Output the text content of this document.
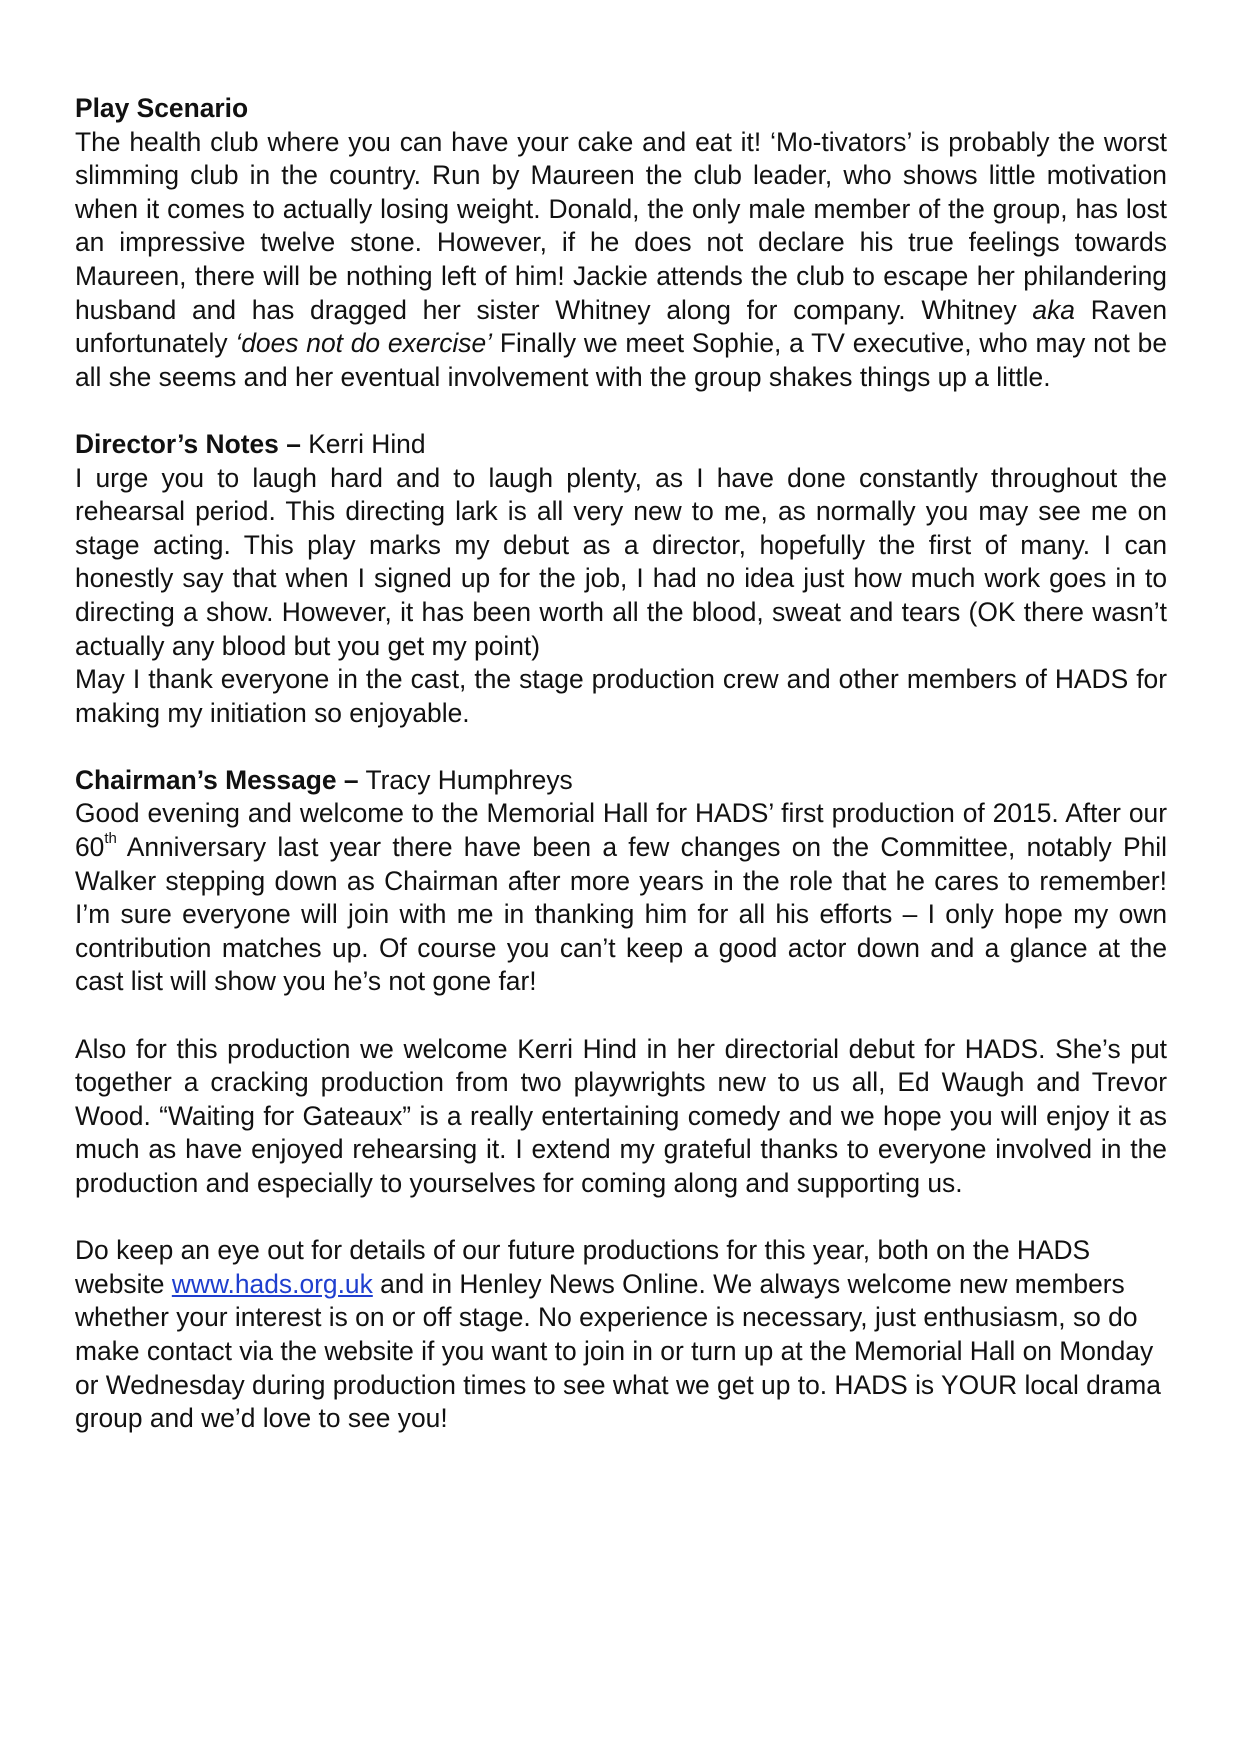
Play Scenario

The health club where you can have your cake and eat it! ‘Mo-tivators’ is probably the worst slimming club in the country. Run by Maureen the club leader, who shows little motivation when it comes to actually losing weight. Donald, the only male member of the group, has lost an impressive twelve stone. However, if he does not declare his true feelings towards Maureen, there will be nothing left of him! Jackie attends the club to escape her philandering husband and has dragged her sister Whitney along for company. Whitney aka Raven unfortunately ‘does not do exercise’ Finally we meet Sophie, a TV executive, who may not be all she seems and her eventual involvement with the group shakes things up a little.

Director’s Notes – Kerri Hind

I urge you to laugh hard and to laugh plenty, as I have done constantly throughout the rehearsal period. This directing lark is all very new to me, as normally you may see me on stage acting. This play marks my debut as a director, hopefully the first of many. I can honestly say that when I signed up for the job, I had no idea just how much work goes in to directing a show. However, it has been worth all the blood, sweat and tears (OK there wasn’t actually any blood but you get my point)

May I thank everyone in the cast, the stage production crew and other members of HADS for making my initiation so enjoyable.

Chairman’s Message – Tracy Humphreys

Good evening and welcome to the Memorial Hall for HADS’ first production of 2015. After our 60th Anniversary last year there have been a few changes on the Committee, notably Phil Walker stepping down as Chairman after more years in the role that he cares to remember! I’m sure everyone will join with me in thanking him for all his efforts – I only hope my own contribution matches up. Of course you can’t keep a good actor down and a glance at the cast list will show you he’s not gone far!

Also for this production we welcome Kerri Hind in her directorial debut for HADS. She’s put together a cracking production from two playwrights new to us all, Ed Waugh and Trevor Wood. “Waiting for Gateaux” is a really entertaining comedy and we hope you will enjoy it as much as have enjoyed rehearsing it. I extend my grateful thanks to everyone involved in the production and especially to yourselves for coming along and supporting us.

Do keep an eye out for details of our future productions for this year, both on the HADS website www.hads.org.uk and in Henley News Online. We always welcome new members whether your interest is on or off stage. No experience is necessary, just enthusiasm, so do make contact via the website if you want to join in or turn up at the Memorial Hall on Monday or Wednesday during production times to see what we get up to. HADS is YOUR local drama group and we’d love to see you!
